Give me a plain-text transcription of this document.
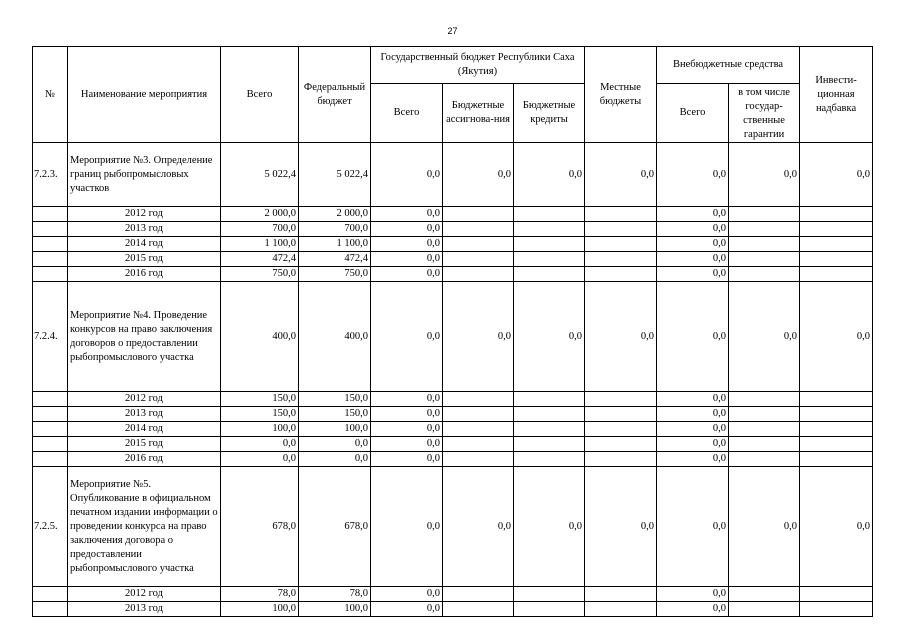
27
№	Наименование мероприятия	Всего	Федеральный бюджет	Государственный бюджет Республики Саха (Якутия)			Местные бюджеты	Внебюджетные средства		Инвести-ционная надбавка
				Всего	Бюджетные ассигнова-ния	Бюджетные кредиты		Всего	в том числе государ-ственные гарантии	
7.2.3.	Мероприятие №3. Определение границ рыбопромысловых участков	5 022,4	5 022,4	0,0	0,0	0,0	0,0	0,0	0,0	0,0
	2012 год	2 000,0	2 000,0	0,0				0,0		
	2013 год	700,0	700,0	0,0				0,0		
	2014 год	1 100,0	1 100,0	0,0				0,0		
	2015 год	472,4	472,4	0,0				0,0		
	2016 год	750,0	750,0	0,0				0,0		
7.2.4.	Мероприятие №4. Проведение конкурсов на право заключения договоров о предоставлении рыбопромыслового участка	400,0	400,0	0,0	0,0	0,0	0,0	0,0	0,0	0,0
	2012 год	150,0	150,0	0,0				0,0		
	2013 год	150,0	150,0	0,0				0,0		
	2014 год	100,0	100,0	0,0				0,0		
	2015 год	0,0	0,0	0,0				0,0		
	2016 год	0,0	0,0	0,0				0,0		
7.2.5.	Мероприятие №5. Опубликование в официальном печатном издании информации о проведении конкурса на право заключения договора о предоставлении рыбопромыслового участка	678,0	678,0	0,0	0,0	0,0	0,0	0,0	0,0	0,0
	2012 год	78,0	78,0	0,0				0,0		
	2013 год	100,0	100,0	0,0				0,0		
